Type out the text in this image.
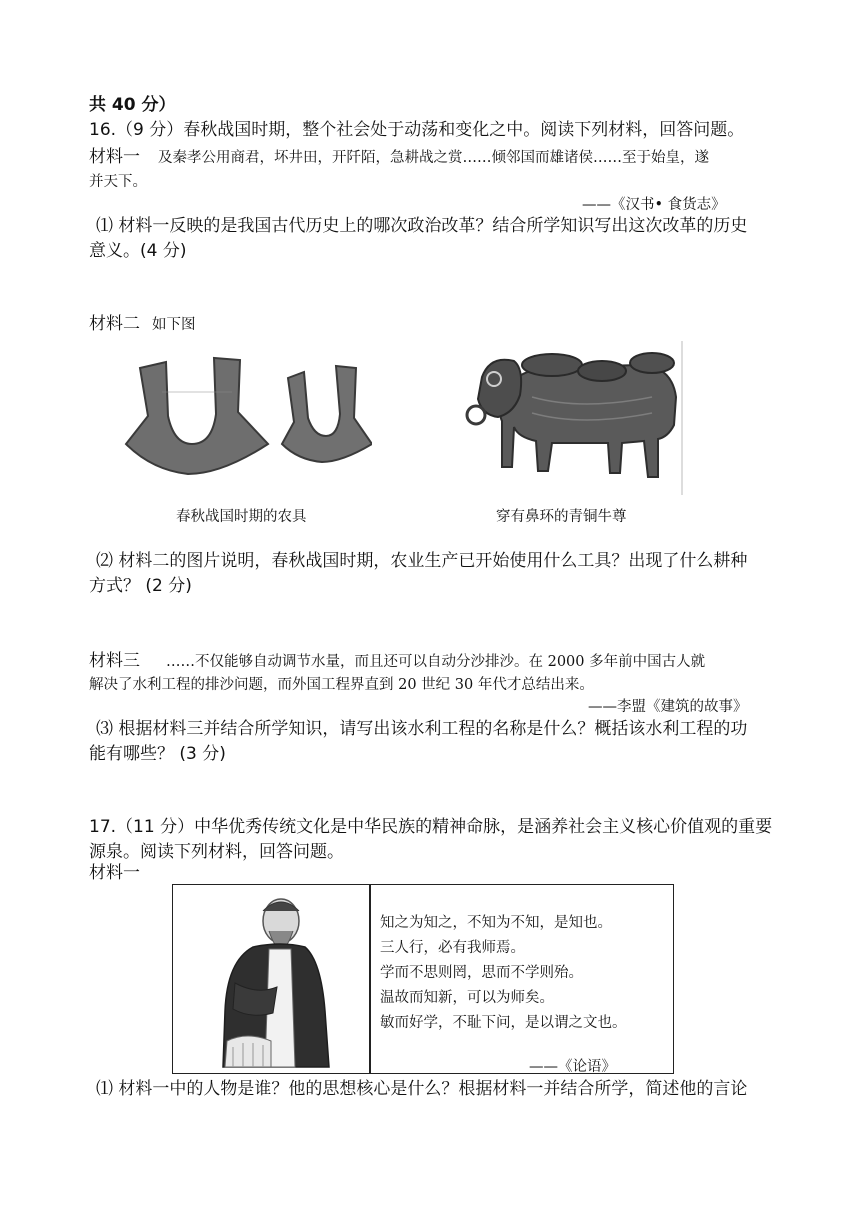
共 40 分）
16.（9 分）春秋战国时期，整个社会处于动荡和变化之中。阅读下列材料，回答问题。
材料一 及秦孝公用商君，坏井田，开阡陌，急耕战之赏……倾邻国而雄诸侯……至于始皇，遂
并天下。
——《汉书• 食货志》
⑴ 材料一反映的是我国古代历史上的哪次政治改革？结合所学知识写出这次改革的历史
意义。(4 分)
材料二 如下图
春秋战国时期的农具	穿有鼻环的青铜牛尊
⑵ 材料二的图片说明，春秋战国时期，农业生产已开始使用什么工具？出现了什么耕种
方式？ (2 分)
材料三 ……不仅能够自动调节水量，而且还可以自动分沙排沙。在 2000 多年前中国古人就
解决了水利工程的排沙问题，而外国工程界直到 20 世纪 30 年代才总结出来。
——李盟《建筑的故事》
⑶ 根据材料三并结合所学知识，请写出该水利工程的名称是什么？概括该水利工程的功
能有哪些？ (3 分)
17.（11 分）中华优秀传统文化是中华民族的精神命脉，是涵养社会主义核心价值观的重要
源泉。阅读下列材料，回答问题。
材料一
知之为知之，不知为不知，是知也。
三人行，必有我师焉。
学而不思则罔，思而不学则殆。
温故而知新，可以为师矣。
敏而好学，不耻下问，是以谓之文也。
——《论语》
⑴ 材料一中的人物是谁？他的思想核心是什么？根据材料一并结合所学，简述他的言论
